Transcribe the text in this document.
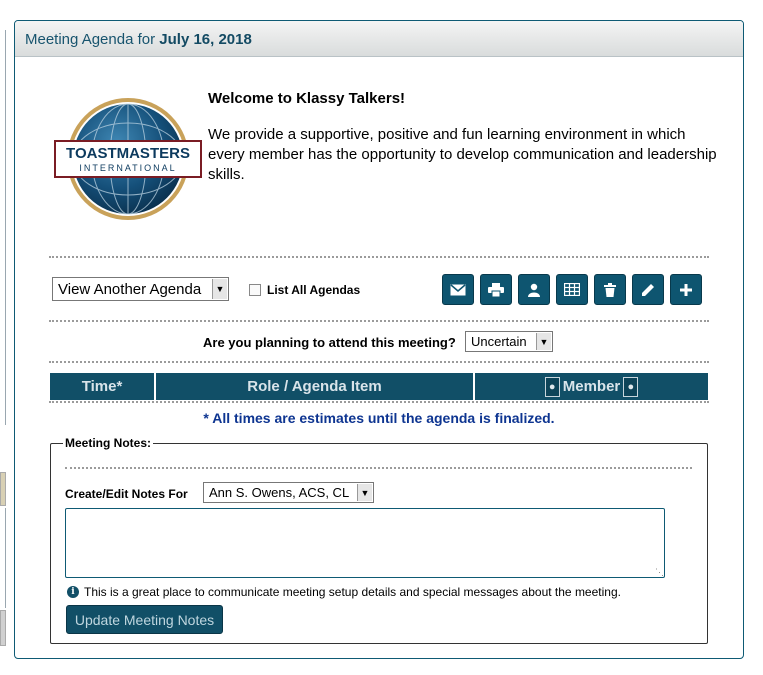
Meeting Agenda for July 16, 2018
TOASTMASTERS
INTERNATIONAL
Welcome to Klassy Talkers!
We provide a supportive, positive and fun learning environment in which every member has the opportunity to develop communication and leadership skills.
View Another Agenda	▼	List All Agendas
Are you planning to attend this meeting? Uncertain	▼
Time*	Role / Agenda Item	● Member ●
* All times are estimates until the agenda is finalized.
Meeting Notes:
Create/Edit Notes For Ann S. Owens, ACS, CL	▼
⋱
i This is a great place to communicate meeting setup details and special messages about the meeting.
Update Meeting Notes
